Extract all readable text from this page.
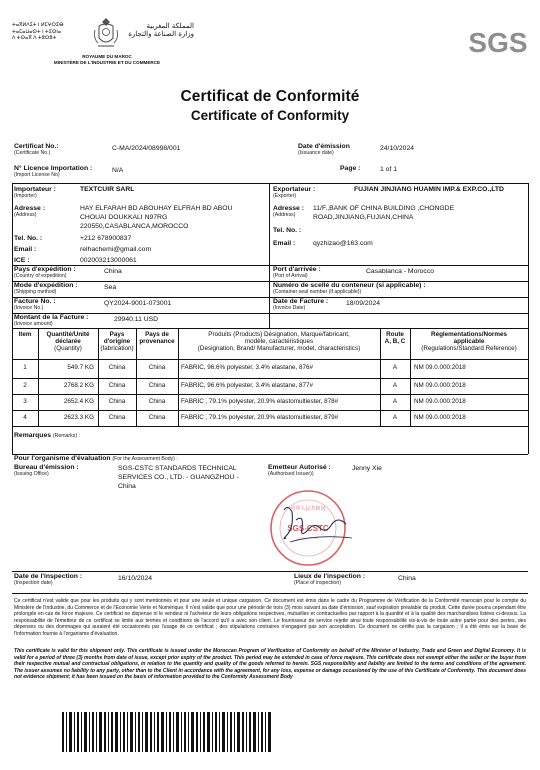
ⵜⴰⴳⵍⴷⵉⵜ ⵏ ⵍⵎⵖⵔⵉⴱ
ⵜⴰⵎⴰⵡⴰⵙⵜ ⵏ ⵜⵉⵙⵏⴰ
ⴷ ⵜⵙⴰⴳ ⴷ ⵜⵓⵔⵓⵜ
المملكة المغربية
وزارة الصناعة والتجارة
ROYAUME DU MAROC
MINISTÈRE DE L'INDUSTRIE ET DU COMMERCE
SGS
Certificat de Conformité
Certificate of Conformity
Certificat No.:
(Certificate No.)
C-MA/2024/08998/001	Date d'émission
(Issuance date)
24/10/2024
N° Licence Importation :
(Import License No)
N/A	Page :	1 of 1
Importateur :
(Importer)
TEXTCUIR SARL
Adresse :
(Address)
HAY ELFARAH BD ABOUHAY ELFRAH BD ABOU
CHOUAI DOUKKALI N97RG
220550,CASABLANCA,MOROCCO
Tel. No. :	+212 678900837
Email :	relhachemi@gmail.com
ICE :	002003213000061
Exportateur :
(Exporter)
FUJIAN JINJIANG HUAMIN IMP.& EXP.CO.,LTD
Adresse :
(Address)
11/F.,BANK OF CHINA BUILDING ,CHONGDE
ROAD,JINJIANG,FUJIAN,CHINA
Tel. No. :
Email :	qyzhizao@163.com
Pays d'expédition :
(Country of expedition)
China	Port d'arrivée :
(Port of Arrival)
Casablanca - Morocco
Mode d'expédition :
(Shipping method)
Sea	Numéro de scellé du conteneur (si applicable) :
(Container seal number (if applicable))
Facture No. :
(Invoice No.)
QY2024-9001-073001	Date de Facture :
(Invoice Date)
18/09/2024
Montant de la Facture :
(Invoice amount)
29940.11 USD
Item	Quantité/Unité
déclarée
(Quantity)
Pays
d'origine
(fabrication)
Pays de
provenance
Produits (Products) Désignation, Marque/fabricant,
modèle, caractéristiques
(Designation, Brand/ Manufacturer, model, characteristics)
Route
A, B, C
Réglementations/Normes
applicable
(Regulations/Standard Reference)
1	549.7 KG	China	China	FABRIC, 96.6% polyester, 3.4% elastane, 876#	A	NM 09.0.000:2018
2	2768.2 KG	China	China	FABRIC, 96.6% polyester, 3.4% elastane, 877#	A	NM 09.0.000:2018
3	2652.4 KG	China	China	FABRIC , 79.1% polyester, 20.9% elastomultiester, 878#	A	NM 09.0.000:2018
4	2623.3 KG	China	China	FABRIC , 79.1% polyester, 20.9% elastomultiester, 879#	A	NM 09.0.000:2018
Remarques (Remarks) :
Pour l'organisme d'évaluation (For the Assessment Body) :
Bureau d'émission :
(Issuing Office)
SGS-CSTC STANDARDS TECHNICAL
SERVICES CO., LTD. - GUANGZHOU -
China
Emetteur Autorisé :
(Authorised Issuer))
Jenny Xie
中华人民共和国
SGS-CSTC
Date de l'inspection :
(Inspection date)
16/10/2024	Lieux de l'inspection :
(Place of inspection)
China
Ce certificat n'est valide que pour les produits qui y sont mentionnés et pour une seule et unique cargaison. Ce document est émis dans le cadre du Programme de Vérification de la Conformité marocain pour le compte du Ministère de l'Industrie, du Commerce et de l'Economie Verte et Numérique. Il n'est valide que pour une période de trois (3) mois suivant sa date d'émission, sauf expiration préalable du produit. Cette durée pourra cependant être prolongée en cas de force majeure. Ce certificat ne dispense ni le vendeur ni l'acheteur de leurs obligations respectives, mutuelles et contractuelles par rapport à la quantité et à la qualité des marchandises listées ci-dessus. La responsabilité de l'émetteur de ce certificat se limite aux termes et conditions de l'accord qu'il a avec son client. Le fournisseur de service rejette ainsi toute responsabilité vis-à-vis de toute autre partie pour des pertes, des dépenses ou des dommages qui auraient été occasionnés par l'usage de ce certificat ; des stipulations contraires n'engagent pas son acceptation. Ce document ne certifie pas la cargaison ; il a été émis sur la base de l'information fournie à l'organisme d'évaluation.
This certificate is valid for this shipment only. This certificate is issued under the Moroccan Program of Verification of Conformity on behalf of the Minister of Industry, Trade and Green and Digital Economy. It is valid for a period of three (3) months from date of issue, except prior expiry of the product. This period may be extended in case of force majeure. This certificate does not exempt either the seller or the buyer from their respective mutual and contractual obligations, in relation to the quantity and quality of the goods referred to herein. SGS responsibility and liability are limited to the terms and conditions of the agreement. The issuer assumes no liability to any party, other than to the Client in accordance with the agreement, for any loss, expense or damage occasioned by the use of this Certificate of Conformity. This document does not evidence shipment; it has been issued on the basis of information provided to the Conformity Assessment Body
